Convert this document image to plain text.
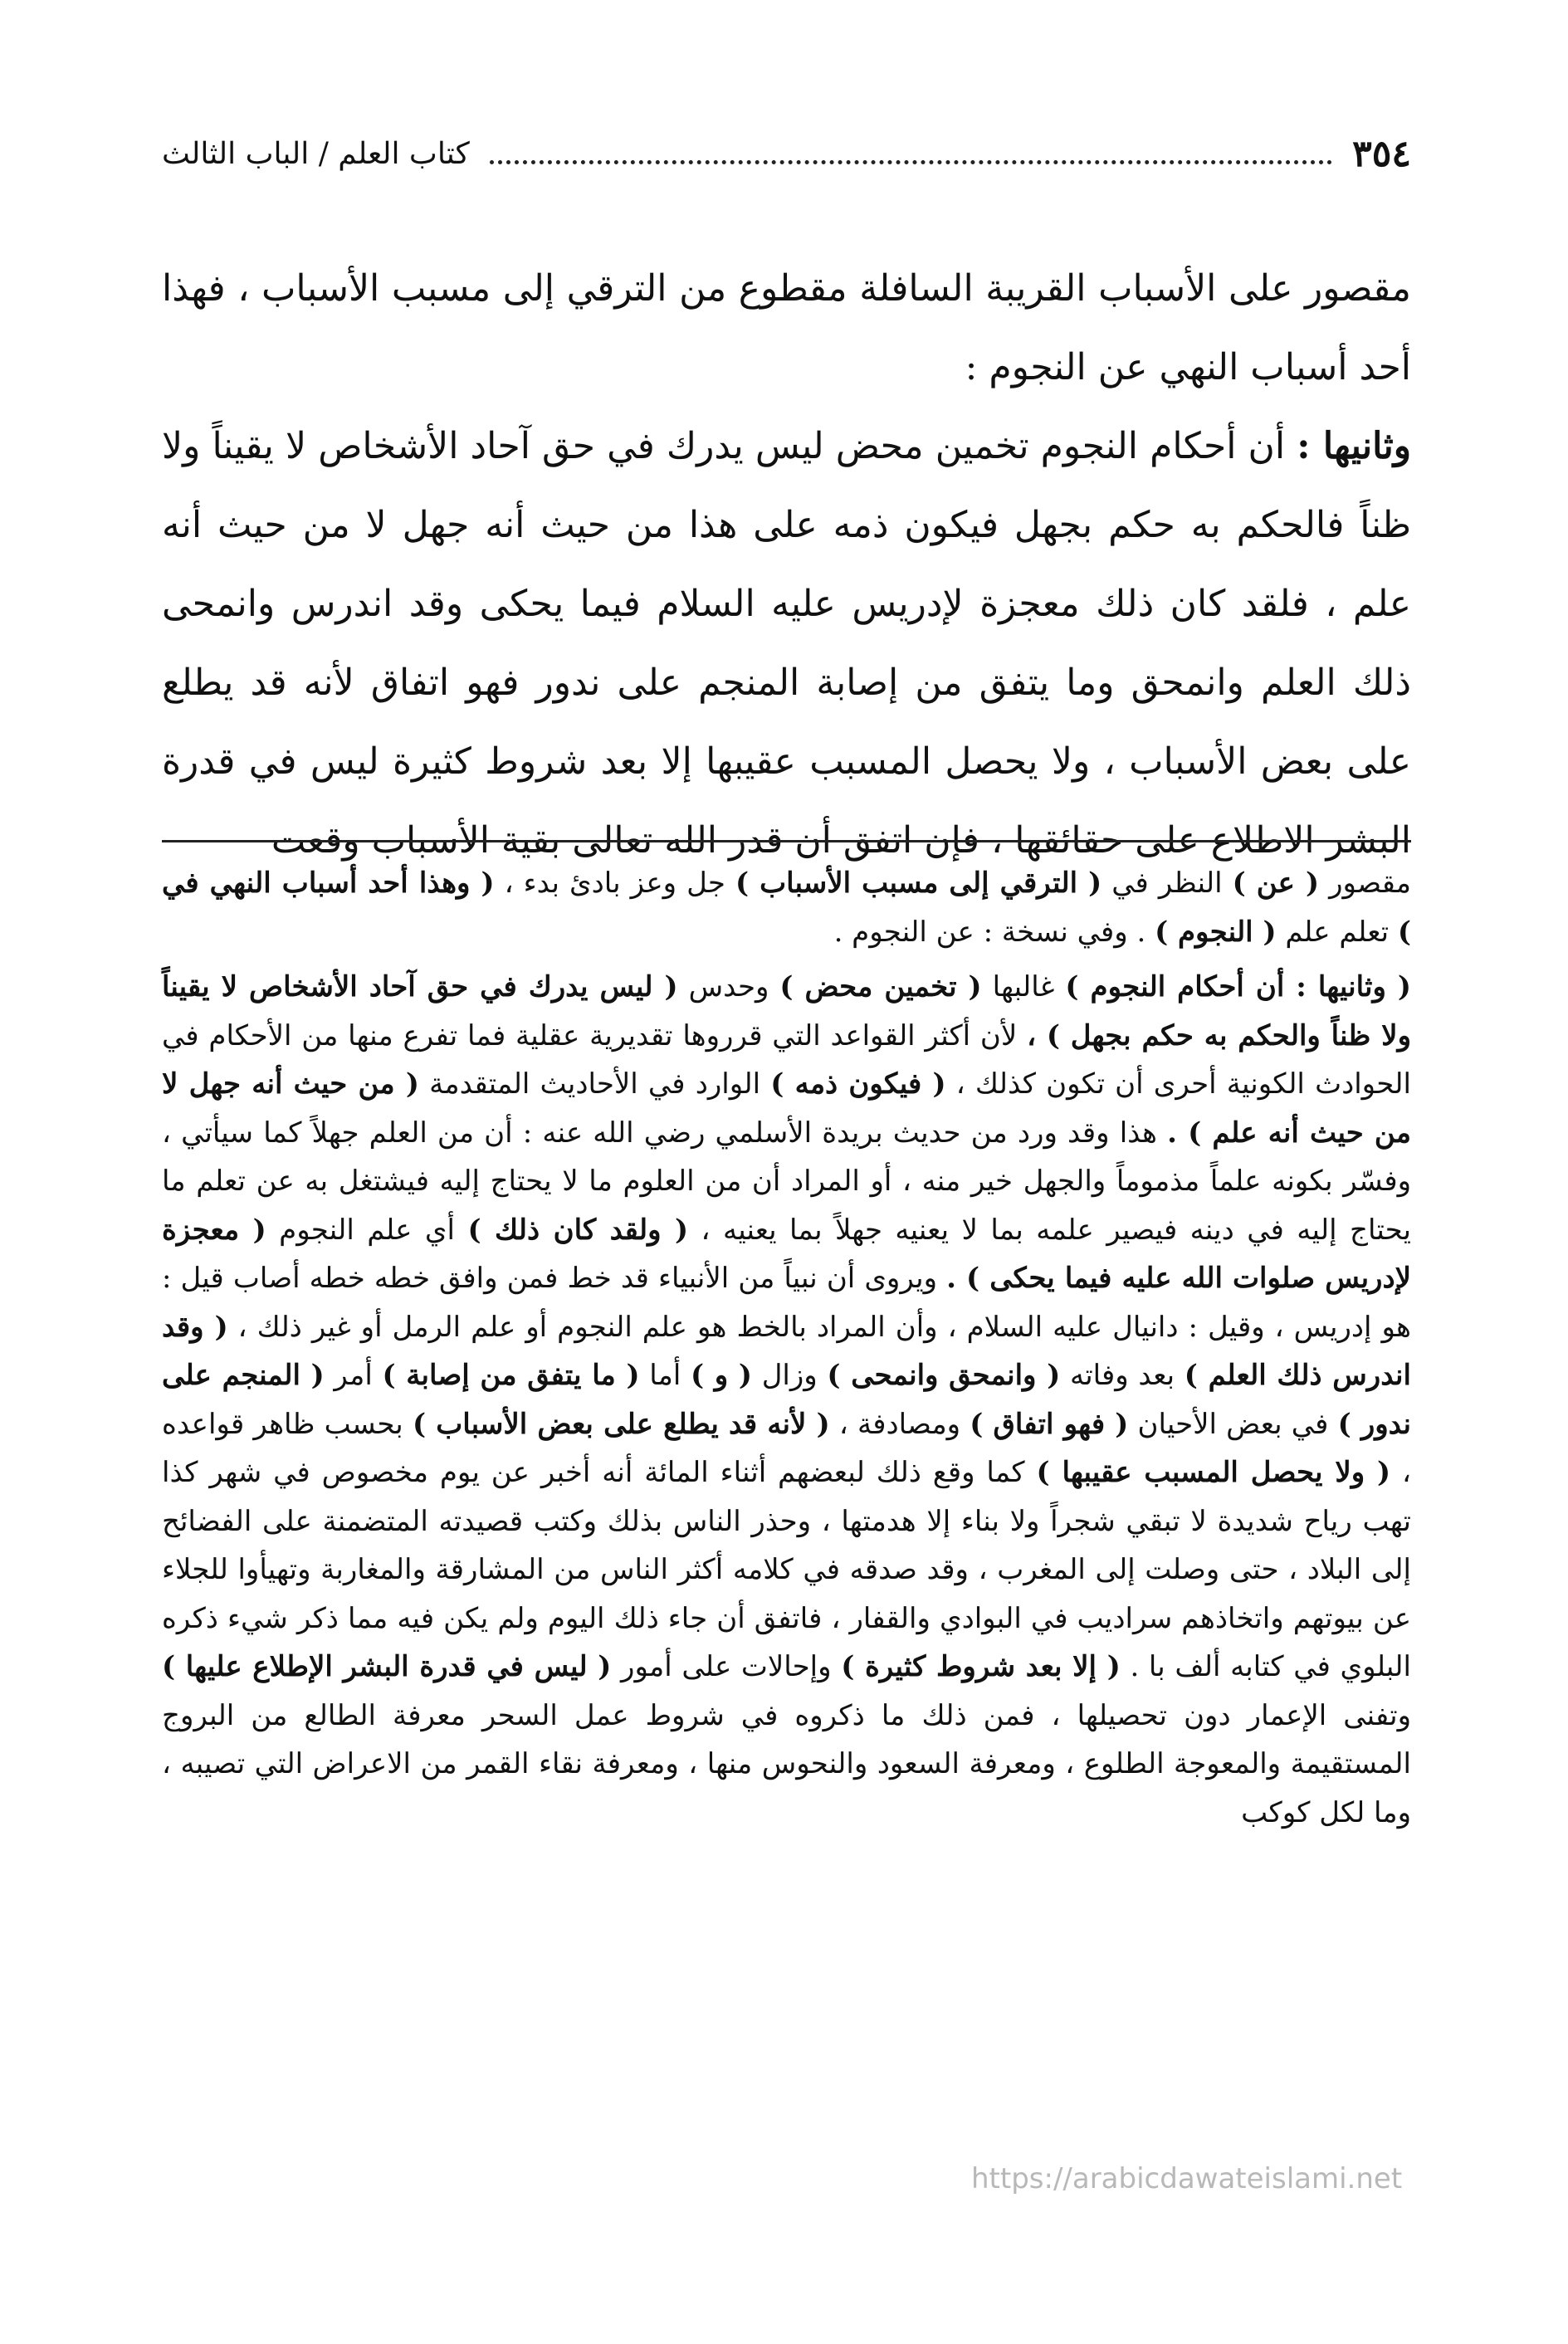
٣٥٤
كتاب العلم / الباب الثالث

مقصور على الأسباب القريبة السافلة مقطوع من الترقي إلى مسبب الأسباب ، فهذا أحد أسباب النهي عن النجوم :

وثانيها : أن أحكام النجوم تخمين محض ليس يدرك في حق آحاد الأشخاص لا يقيناً ولا ظناً فالحكم به حكم بجهل فيكون ذمه على هذا من حيث أنه جهل لا من حيث أنه علم ، فلقد كان ذلك معجزة لإدريس عليه السلام فيما يحكى وقد اندرس وانمحى ذلك العلم وانمحق وما يتفق من إصابة المنجم على ندور فهو اتفاق لأنه قد يطلع على بعض الأسباب ، ولا يحصل المسبب عقيبها إلا بعد شروط كثيرة ليس في قدرة البشر الاطلاع على حقائقها ، فإن اتفق أن قدر الله تعالى بقية الأسباب وقعت

مقصور ( عن ) النظر في ( الترقي إلى مسبب الأسباب ) جل وعز بادئ بدء ، ( وهذا أحد أسباب النهي في ) تعلم علم ( النجوم ) . وفي نسخة : عن النجوم .

( وثانيها : أن أحكام النجوم ) غالبها ( تخمين محض ) وحدس ( ليس يدرك في حق آحاد الأشخاص لا يقيناً ولا ظناً والحكم به حكم بجهل ) ، لأن أكثر القواعد التي قرروها تقديرية عقلية فما تفرع منها من الأحكام في الحوادث الكونية أحرى أن تكون كذلك ، ( فيكون ذمه ) الوارد في الأحاديث المتقدمة ( من حيث أنه جهل لا من حيث أنه علم ) . هذا وقد ورد من حديث بريدة الأسلمي رضي الله عنه : أن من العلم جهلاً كما سيأتي ، وفسّر بكونه علماً مذموماً والجهل خير منه ، أو المراد أن من العلوم ما لا يحتاج إليه فيشتغل به عن تعلم ما يحتاج إليه في دينه فيصير علمه بما لا يعنيه جهلاً بما يعنيه ، ( ولقد كان ذلك ) أي علم النجوم ( معجزة لإدريس صلوات الله عليه فيما يحكى ) . ويروى أن نبياً من الأنبياء قد خط فمن وافق خطه خطه أصاب قيل : هو إدريس ، وقيل : دانيال عليه السلام ، وأن المراد بالخط هو علم النجوم أو علم الرمل أو غير ذلك ، ( وقد اندرس ذلك العلم ) بعد وفاته ( وانمحق وانمحى ) وزال ( و ) أما ( ما يتفق من إصابة ) أمر ( المنجم على ندور ) في بعض الأحيان ( فهو اتفاق ) ومصادفة ، ( لأنه قد يطلع على بعض الأسباب ) بحسب ظاهر قواعده ، ( ولا يحصل المسبب عقيبها ) كما وقع ذلك لبعضهم أثناء المائة أنه أخبر عن يوم مخصوص في شهر كذا تهب رياح شديدة لا تبقي شجراً ولا بناء إلا هدمتها ، وحذر الناس بذلك وكتب قصيدته المتضمنة على الفضائح إلى البلاد ، حتى وصلت إلى المغرب ، وقد صدقه في كلامه أكثر الناس من المشارقة والمغاربة وتهيأوا للجلاء عن بيوتهم واتخاذهم سراديب في البوادي والقفار ، فاتفق أن جاء ذلك اليوم ولم يكن فيه مما ذكر شيء ذكره البلوي في كتابه ألف با . ( إلا بعد شروط كثيرة ) وإحالات على أمور ( ليس في قدرة البشر الإطلاع عليها ) وتفنى الإعمار دون تحصيلها ، فمن ذلك ما ذكروه في شروط عمل السحر معرفة الطالع من البروج المستقيمة والمعوجة الطلوع ، ومعرفة السعود والنحوس منها ، ومعرفة نقاء القمر من الاعراض التي تصيبه ، وما لكل كوكب

https://arabicdawateislami.net
